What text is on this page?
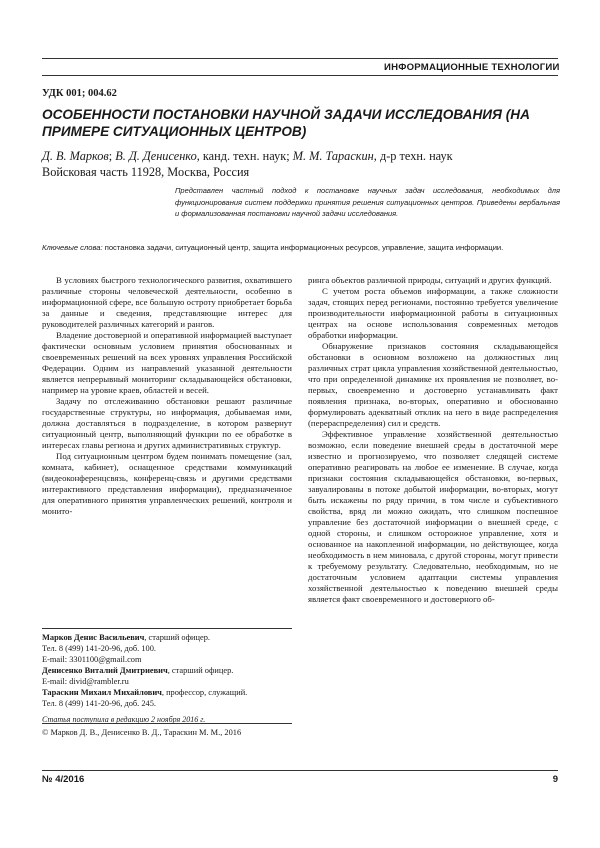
ИНФОРМАЦИОННЫЕ ТЕХНОЛОГИИ
УДК 001; 004.62
ОСОБЕННОСТИ ПОСТАНОВКИ НАУЧНОЙ ЗАДАЧИ ИССЛЕДОВАНИЯ (НА ПРИМЕРЕ СИТУАЦИОННЫХ ЦЕНТРОВ)
Д. В. Марков; В. Д. Денисенко, канд. техн. наук; М. М. Тараскин, д-р техн. наук
Войсковая часть 11928, Москва, Россия
Представлен частный подход к постановке научных задач исследования, необходимых для функционирования систем поддержки принятия решения ситуационных центров. Приведены вербальная и формализованная постановки научной задачи исследования.
Ключевые слова: постановка задачи, ситуационный центр, защита информационных ресурсов, управление, защита информации.

В условиях быстрого технологического развития, охватившего различные стороны человеческой деятельности, особенно в информационной сфере, все большую остроту приобретает борьба за данные и сведения, представляющие интерес для руководителей различных категорий и рангов.

Владение достоверной и оперативной информацией выступает фактически основным условием принятия обоснованных и своевременных решений на всех уровнях управления Российской Федерации. Одним из направлений указанной деятельности является непрерывный мониторинг складывающейся обстановки, например на уровне краев, областей и весей.

Задачу по отслеживанию обстановки решают различные государственные структуры, но информация, добываемая ими, должна доставляться в подразделение, в котором развернут ситуационный центр, выполняющий функции по ее обработке в интересах главы региона и других административных структур.

Под ситуационным центром будем понимать помещение (зал, комната, кабинет), оснащенное средствами коммуникаций (видеоконференцсвязь, конференц-связь и другими средствами интерактивного представления информации), предназначенное для оперативного принятия управленческих решений, контроля и монито-

ринга объектов различной природы, ситуаций и других функций.

С учетом роста объемов информации, а также сложности задач, стоящих перед регионами, постоянно требуется увеличение производительности информационной работы в ситуационных центрах на основе использования современных методов обработки информации.

Обнаружение признаков состояния складывающейся обстановки в основном возложено на должностных лиц различных страт цикла управления хозяйственной деятельностью, что при определенной динамике их проявления не позволяет, во-первых, своевременно и достоверно устанавливать факт появления признака, во-вторых, оперативно и обоснованно формулировать адекватный отклик на него в виде распределения (перераспределения) сил и средств.

Эффективное управление хозяйственной деятельностью возможно, если поведение внешней среды в достаточной мере известно и прогнозируемо, что позволяет следящей системе оперативно реагировать на любое ее изменение. В случае, когда признаки состояния складывающейся обстановки, во-первых, завуалированы в потоке добытой информации, во-вторых, могут быть искажены по ряду причин, в том числе и субъективного свойства, вряд ли можно ожидать, что слишком поспешное управление без достаточной информации о внешней среде, с одной стороны, и слишком осторожное управление, хотя и основанное на накопленной информации, но действующее, когда необходимость в нем миновала, с другой стороны, могут привести к требуемому результату. Следовательно, необходимым, но не достаточным условием адаптации системы управления хозяйственной деятельностью к поведению внешней среды является факт своевременного и достоверного об-

Марков Денис Васильевич, старший офицер.
Тел. 8 (499) 141-20-96, доб. 100.
E-mail: 3301100@gmail.com
Денисенко Виталий Дмитриевич, старший офицер.
E-mail: divid@rambler.ru
Тараскин Михаил Михайлович, профессор, служащий.
Тел. 8 (499) 141-20-96, доб. 245.
Статья поступила в редакцию 2 ноября 2016 г.
© Марков Д. В., Денисенко В. Д., Тараскин М. М., 2016
№ 4/2016	9
